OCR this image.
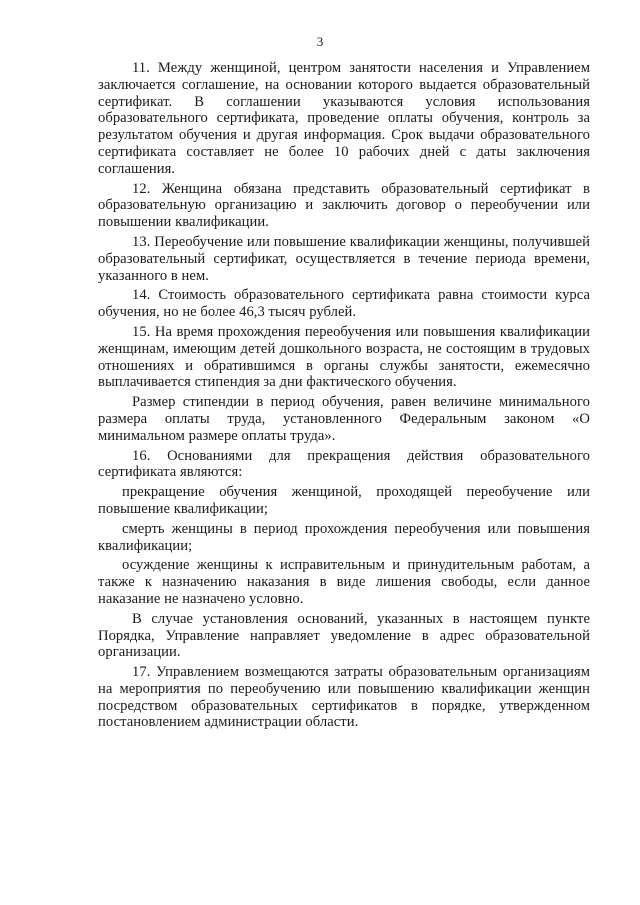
3

11. Между женщиной, центром занятости населения и Управлением заключается соглашение, на основании которого выдается образовательный сертификат. В соглашении указываются условия использования образовательного сертификата, проведение оплаты обучения, контроль за результатом обучения и другая информация. Срок выдачи образовательного сертификата составляет не более 10 рабочих дней с даты заключения соглашения.

12. Женщина обязана представить образовательный сертификат в образовательную организацию и заключить договор о переобучении или повышении квалификации.

13. Переобучение или повышение квалификации женщины, получившей образовательный сертификат, осуществляется в течение периода времени, указанного в нем.

14. Стоимость образовательного сертификата равна стоимости курса обучения, но не более 46,3 тысяч рублей.

15. На время прохождения переобучения или повышения квалификации женщинам, имеющим детей дошкольного возраста, не состоящим в трудовых отношениях и обратившимся в органы службы занятости, ежемесячно выплачивается стипендия за дни фактического обучения.

Размер стипендии в период обучения, равен величине минимального размера оплаты труда, установленного Федеральным законом «О минимальном размере оплаты труда».

16. Основаниями для прекращения действия образовательного сертификата являются:

прекращение обучения женщиной, проходящей переобучение или повышение квалификации;

смерть женщины в период прохождения переобучения или повышения квалификации;

осуждение женщины к исправительным и принудительным работам, а также к назначению наказания в виде лишения свободы, если данное наказание не назначено условно.

В случае установления оснований, указанных в настоящем пункте Порядка, Управление направляет уведомление в адрес образовательной организации.

17. Управлением возмещаются затраты образовательным организациям на мероприятия по переобучению или повышению квалификации женщин посредством образовательных сертификатов в порядке, утвержденном постановлением администрации области.
